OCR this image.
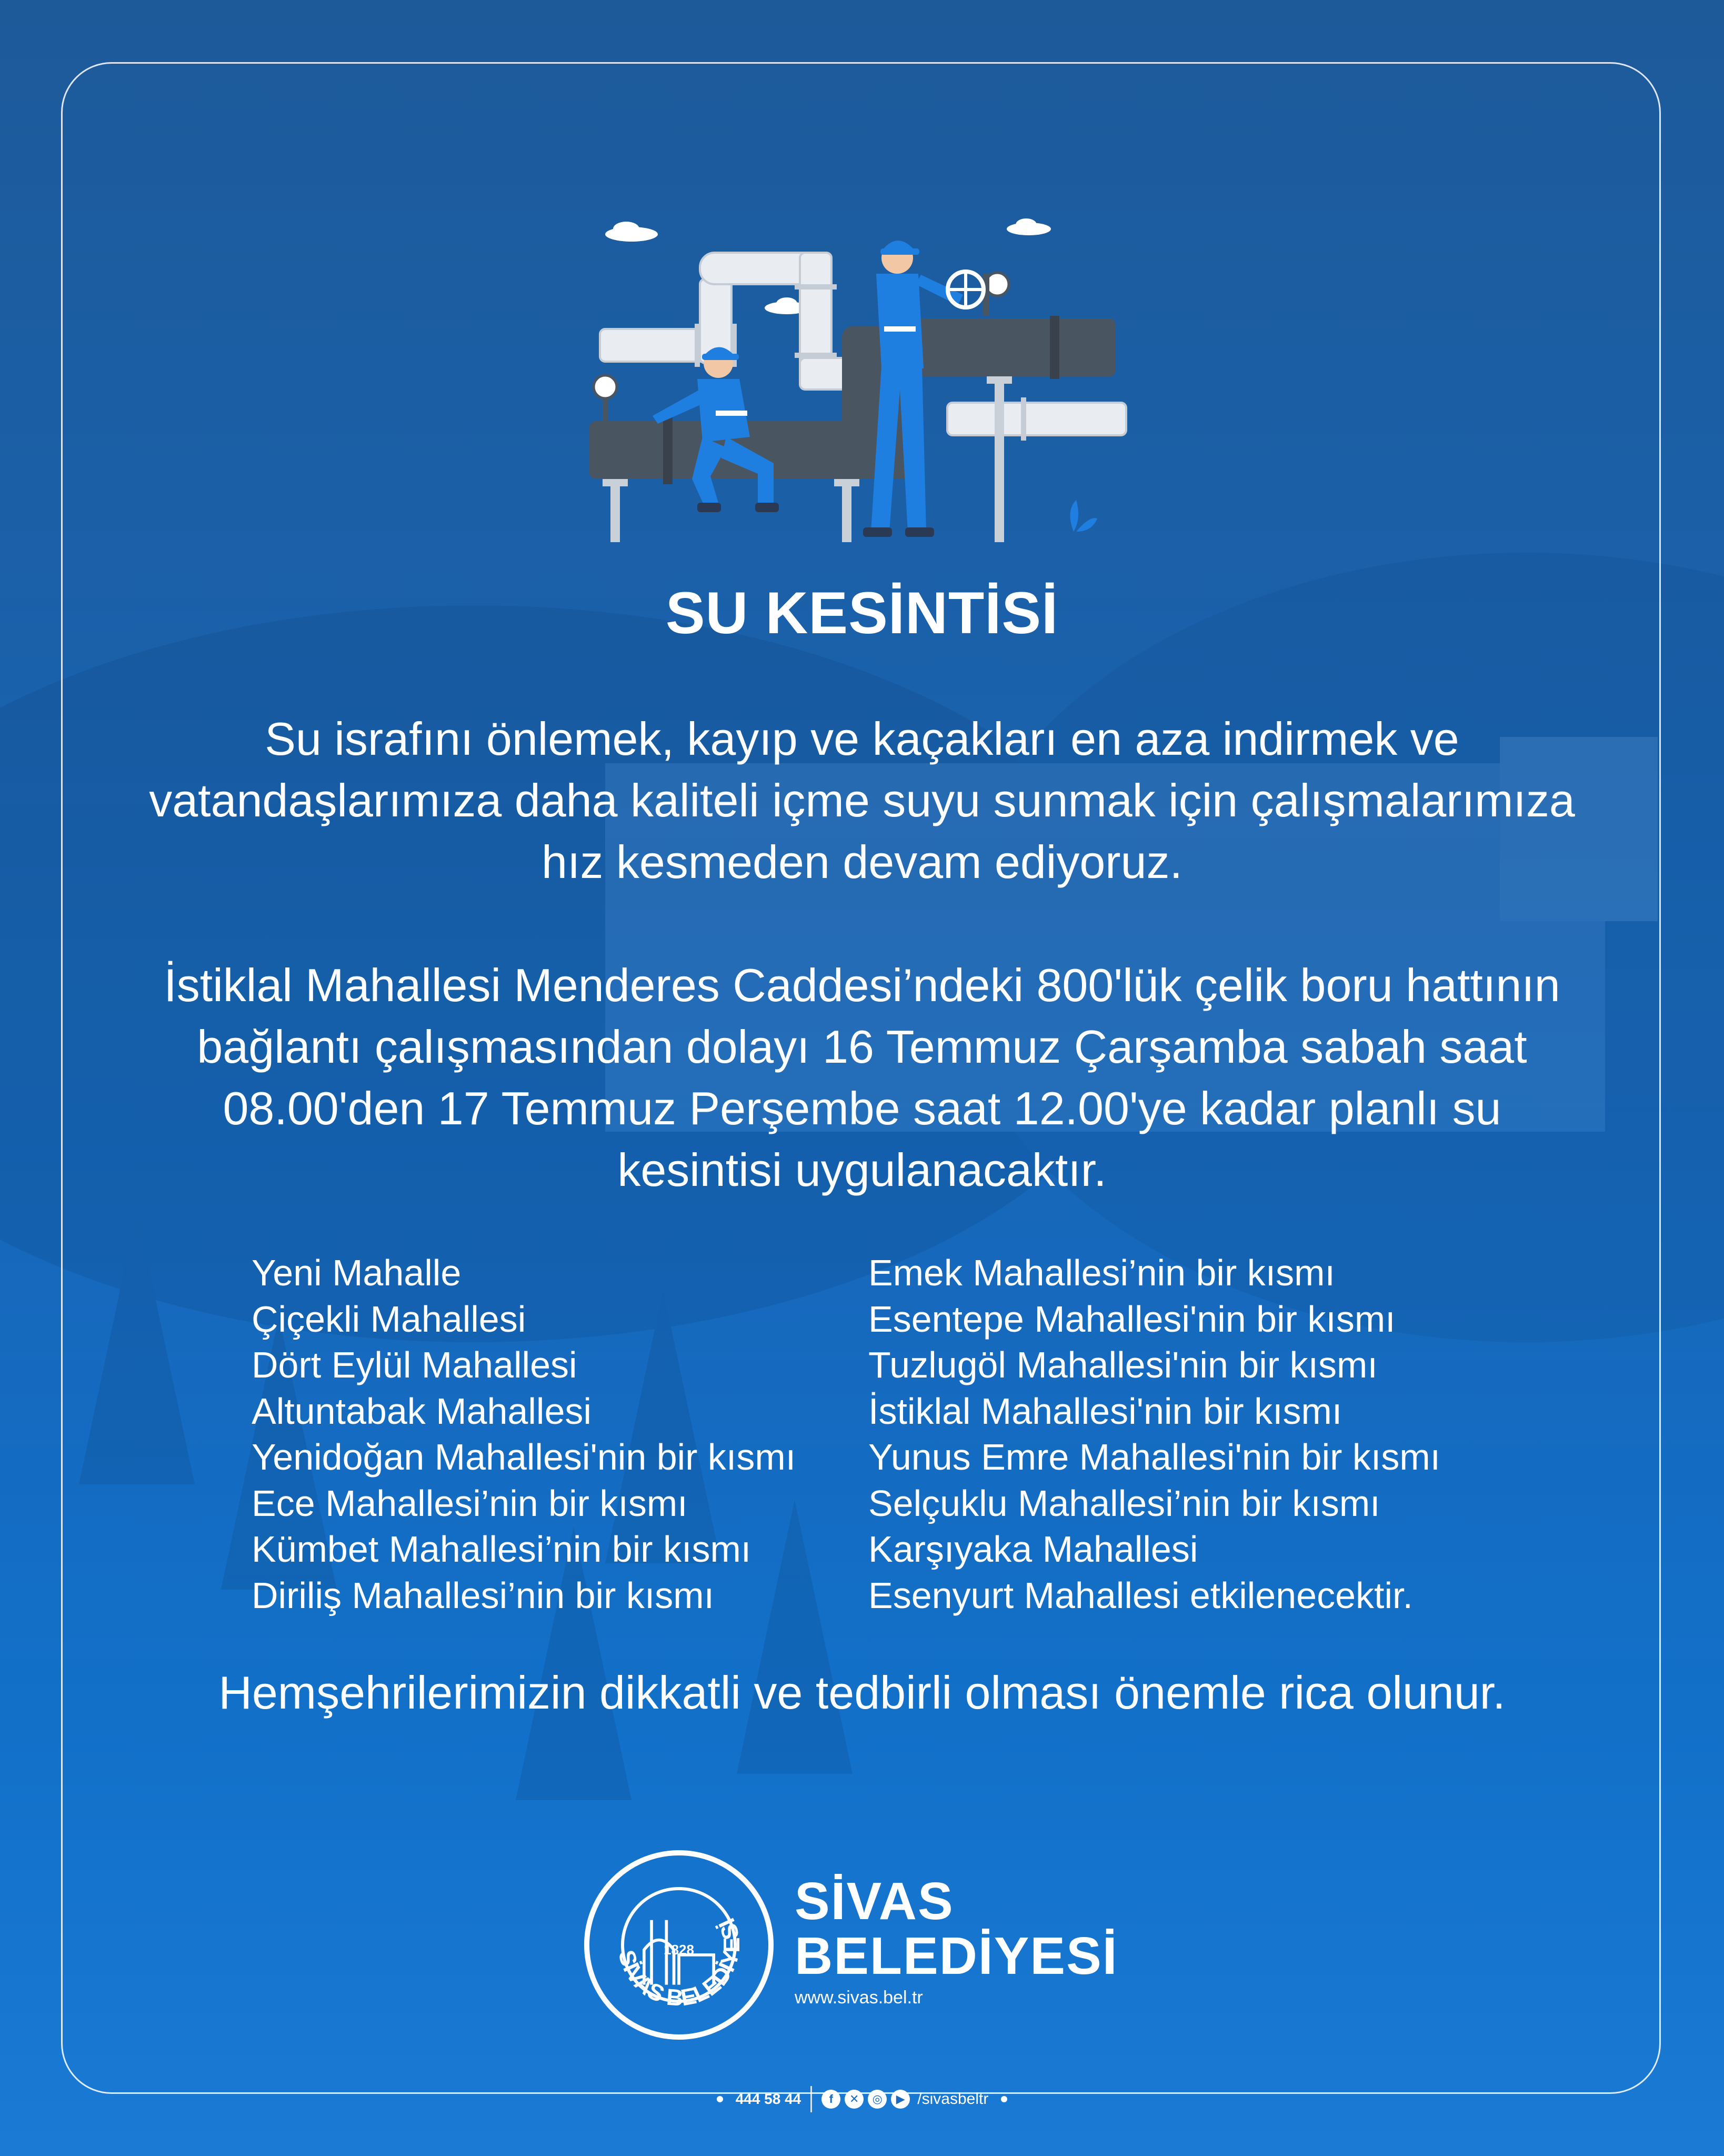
SU KESİNTİSİ
Su israfını önlemek, kayıp ve kaçakları en aza indirmek ve vatandaşlarımıza daha kaliteli içme suyu sunmak için çalışmalarımıza hız kesmeden devam ediyoruz.
İstiklal Mahallesi Menderes Caddesi’ndeki 800'lük çelik boru hattının bağlantı çalışmasından dolayı 16 Temmuz Çarşamba sabah saat 08.00'den 17 Temmuz Perşembe saat 12.00'ye kadar planlı su kesintisi uygulanacaktır.
Yeni Mahalle
Çiçekli Mahallesi
Dört Eylül Mahallesi
Altuntabak Mahallesi
Yenidoğan Mahallesi'nin bir kısmı
Ece Mahallesi’nin bir kısmı
Kümbet Mahallesi’nin bir kısmı
Diriliş Mahallesi’nin bir kısmı
Emek Mahallesi’nin bir kısmı
Esentepe Mahallesi'nin bir kısmı
Tuzlugöl Mahallesi'nin bir kısmı
İstiklal Mahallesi'nin bir kısmı
Yunus Emre Mahallesi'nin bir kısmı
Selçuklu Mahallesi’nin bir kısmı
Karşıyaka Mahallesi
Esenyurt Mahallesi etkilenecektir.
Hemşehrilerimizin dikkatli ve tedbirli olması önemle rica olunur.
SİVAS BELEDİYESİ
1828
SİVAS
BELEDİYESİ
www.sivas.bel.tr
444 58 44	f	✕	◎	▶ /sivasbeltr
